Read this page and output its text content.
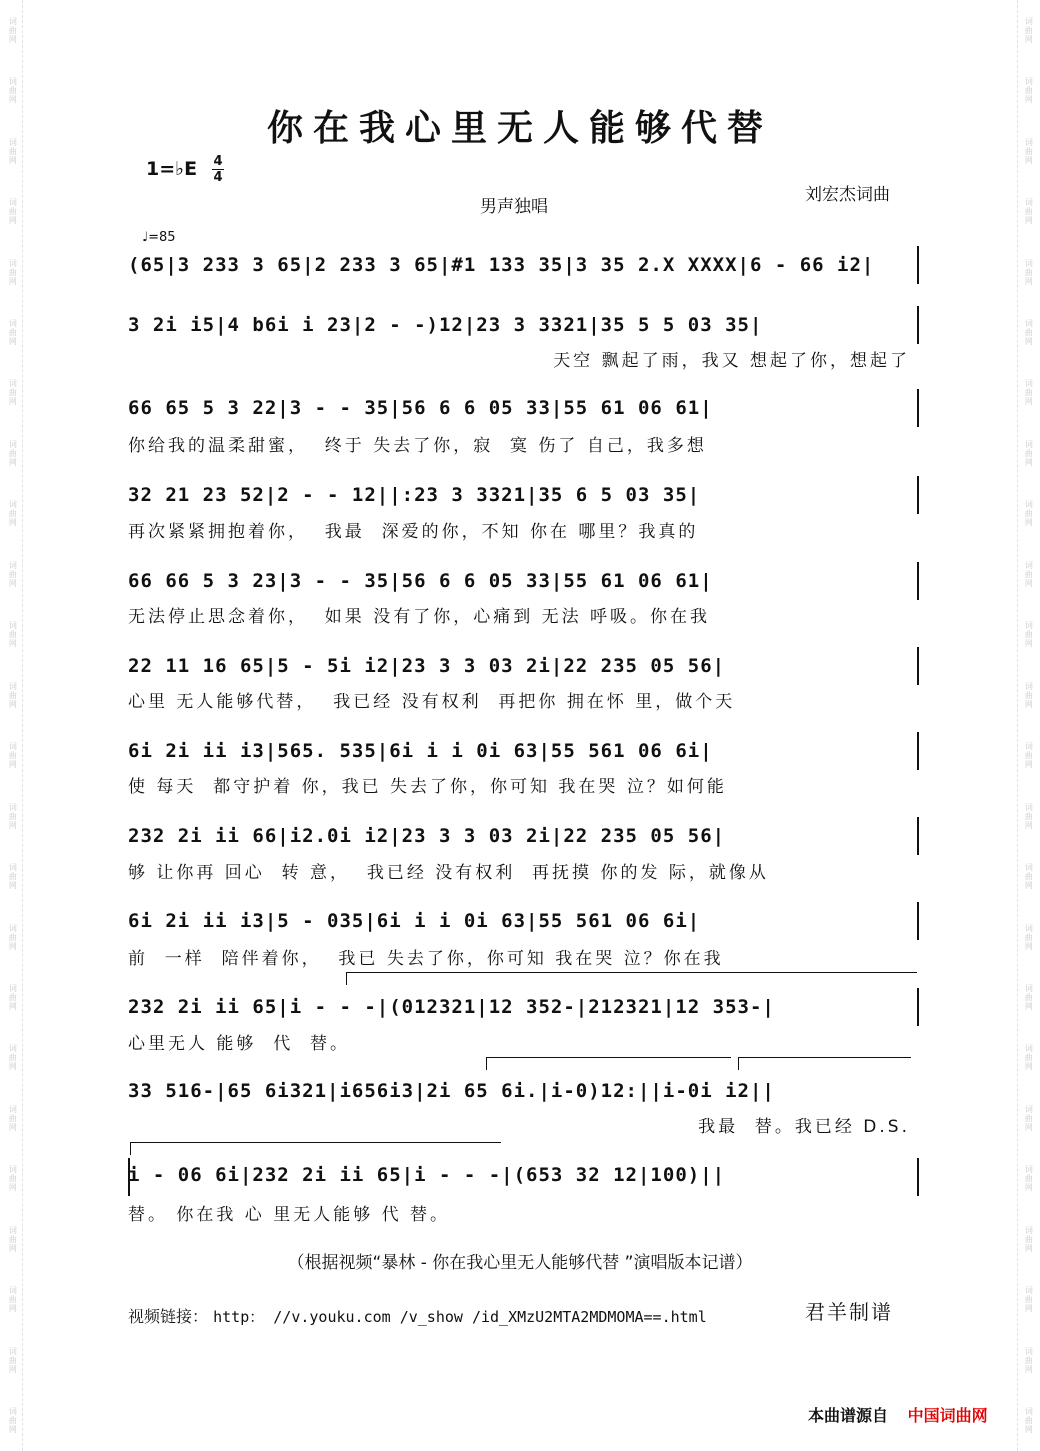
词曲网
词曲网
词曲网
词曲网
词曲网
词曲网
词曲网
词曲网
词曲网
词曲网
词曲网
词曲网
词曲网
词曲网
词曲网
词曲网
词曲网
词曲网
词曲网
词曲网
词曲网
词曲网
词曲网
词曲网
词曲网
词曲网
词曲网
词曲网
词曲网
词曲网
词曲网
词曲网
词曲网
词曲网
词曲网
词曲网
词曲网
词曲网
词曲网
词曲网
词曲网
词曲网
词曲网
词曲网
词曲网
词曲网
词曲网
词曲网
你在我心里无人能够代替
1=♭E 4
4
刘宏杰词曲
男声独唱
♩=85
(65|3 233 3 65|2 233 3 65|#1 133 35|3 35 2.X XXXX|6 - 66 i2|
3 2i i5|4 b6i i 23|2 - -)12|23 3 3321|35 5 5 03 35|
天空 飘起了雨，我又 想起了你，想起了
66 65 5 3 22|3 - - 35|56 6 6 05 33|55 61 06 61|
你给我的温柔甜蜜，  终于 失去了你，寂  寞 伤了 自己，我多想
32 21 23 52|2 - - 12||:23 3 3321|35 6 5 03 35|
再次紧紧拥抱着你，  我最  深爱的你，不知 你在 哪里？我真的
66 66 5 3 23|3 - - 35|56 6 6 05 33|55 61 06 61|
无法停止思念着你，  如果 没有了你，心痛到 无法 呼吸。你在我
22 11 16 65|5 - 5i i2|23 3 3 03 2i|22 235 05 56|
心里 无人能够代替，  我已经 没有权利  再把你 拥在怀 里，做个天
6i 2i ii i3|565. 535|6i i i 0i 63|55 561 06 6i|
使 每天  都守护着 你，我已 失去了你，你可知 我在哭 泣？如何能
232 2i ii 66|i2.0i i2|23 3 3 03 2i|22 235 05 56|
够 让你再 回心  转 意，  我已经 没有权利  再抚摸 你的发 际，就像从
6i 2i ii i3|5 - 035|6i i i 0i 63|55 561 06 6i|
前  一样  陪伴着你，  我已 失去了你，你可知 我在哭 泣？你在我
232 2i ii 65|i - - -|(012321|12 352-|212321|12 353-|
心里无人 能够  代  替。
33 516-|65 6i321|i656i3|2i 65 6i.|i-0)12:||i-0i i2||
我最  替。我已经 D.S.
i - 06 6i|232 2i ii 65|i - - -|(653 32 12|100)||
替。 你在我 心 里无人能够 代 替。
（根据视频“暴林 - 你在我心里无人能够代替 ”演唱版本记谱）
视频链接： http： //v.youku.com /v_show /id_XMzU2MTA2MDMOMA==.html	君羊制谱
本曲谱源自 中国词曲网
